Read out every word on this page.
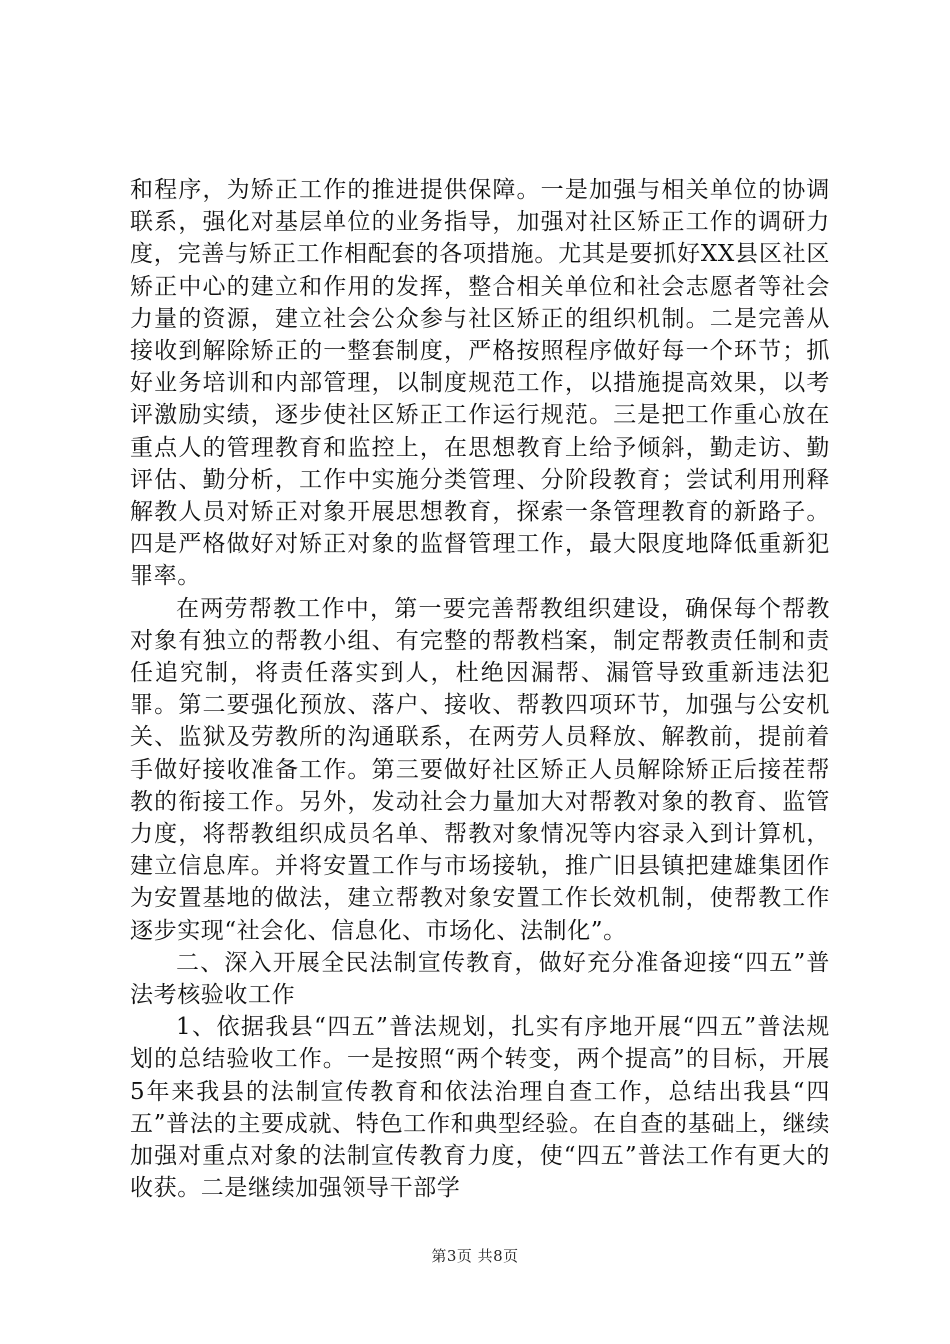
和程序，为矫正工作的推进提供保障。一是加强与相关单位的协调联系，强化对基层单位的业务指导，加强对社区矫正工作的调研力度，完善与矫正工作相配套的各项措施。尤其是要抓好XX县区社区矫正中心的建立和作用的发挥，整合相关单位和社会志愿者等社会力量的资源，建立社会公众参与社区矫正的组织机制。二是完善从接收到解除矫正的一整套制度，严格按照程序做好每一个环节；抓好业务培训和内部管理，以制度规范工作，以措施提高效果，以考评激励实绩，逐步使社区矫正工作运行规范。三是把工作重心放在重点人的管理教育和监控上，在思想教育上给予倾斜，勤走访、勤评估、勤分析，工作中实施分类管理、分阶段教育；尝试利用刑释解教人员对矫正对象开展思想教育，探索一条管理教育的新路子。四是严格做好对矫正对象的监督管理工作，最大限度地降低重新犯罪率。

在两劳帮教工作中，第一要完善帮教组织建设，确保每个帮教对象有独立的帮教小组、有完整的帮教档案，制定帮教责任制和责任追究制，将责任落实到人，杜绝因漏帮、漏管导致重新违法犯罪。第二要强化预放、落户、接收、帮教四项环节，加强与公安机关、监狱及劳教所的沟通联系，在两劳人员释放、解教前，提前着手做好接收准备工作。第三要做好社区矫正人员解除矫正后接茬帮教的衔接工作。另外，发动社会力量加大对帮教对象的教育、监管力度，将帮教组织成员名单、帮教对象情况等内容录入到计算机，建立信息库。并将安置工作与市场接轨，推广旧县镇把建雄集团作为安置基地的做法，建立帮教对象安置工作长效机制，使帮教工作逐步实现“社会化、信息化、市场化、法制化”。

二、深入开展全民法制宣传教育，做好充分准备迎接“四五”普法考核验收工作

1、依据我县“四五”普法规划，扎实有序地开展“四五”普法规划的总结验收工作。一是按照“两个转变，两个提高”的目标，开展5年来我县的法制宣传教育和依法治理自查工作，总结出我县“四五”普法的主要成就、特色工作和典型经验。在自查的基础上，继续加强对重点对象的法制宣传教育力度，使“四五”普法工作有更大的收获。二是继续加强领导干部学

第3页 共8页
